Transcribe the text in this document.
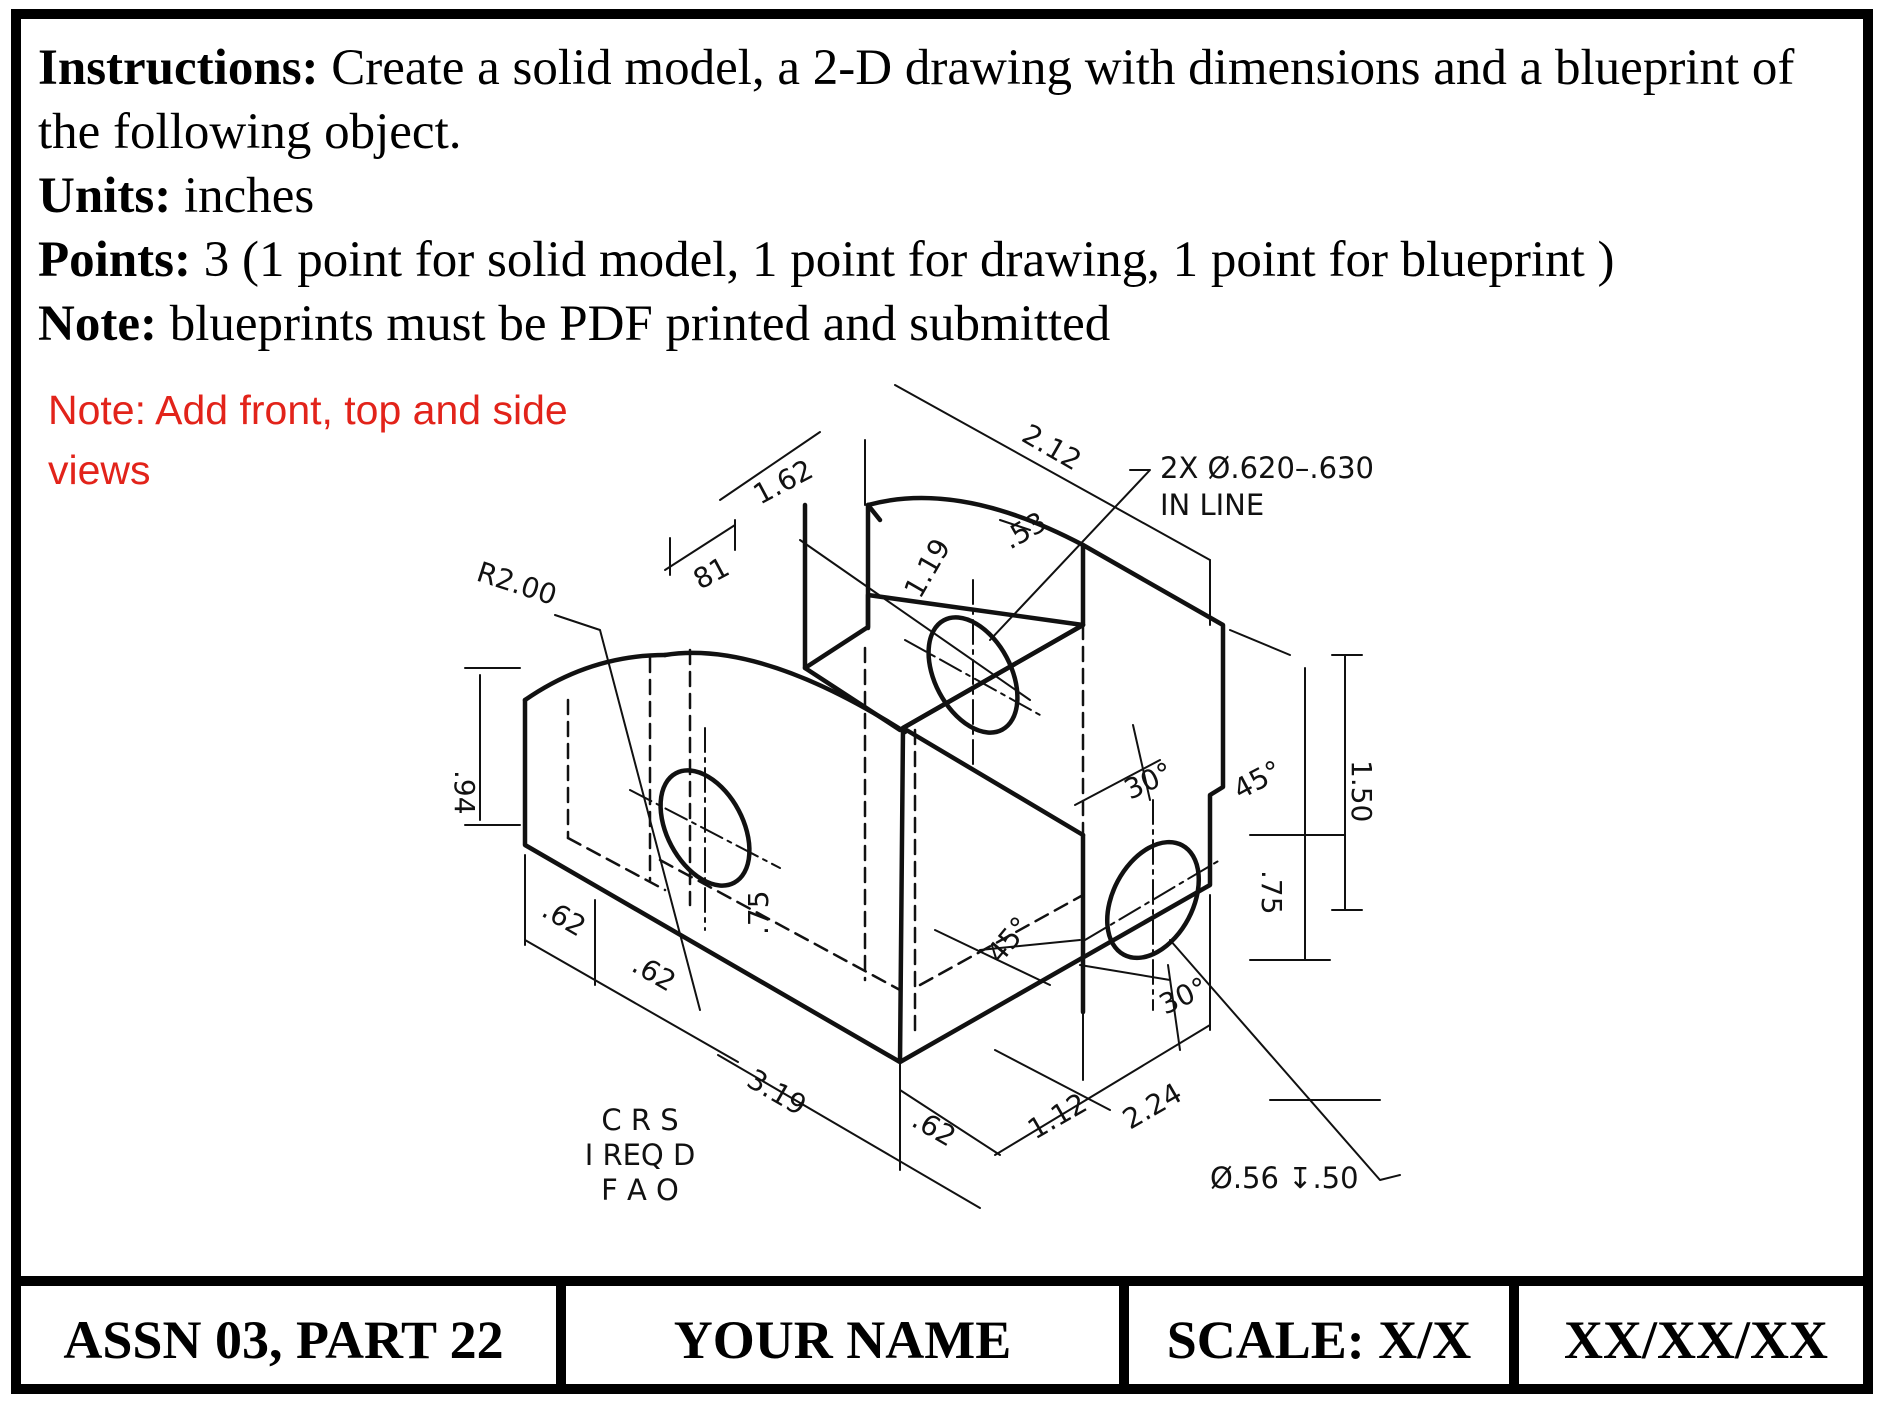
Instructions: Create a solid model, a 2-D drawing with dimensions and a blueprint of the following object.

Units: inches

Points: 3 (1 point for solid model, 1 point for drawing, 1 point for blueprint )

Note: blueprints must be PDF printed and submitted

Note: Add front, top and side views
R2.00
1.62
81
2.12
.53
1.19
.94	1.50
.75
45°
30°
30°
45°
.62
.62
.75
3.19
.62 1.12 2.24
2X Ø.620–.630
IN LINE
Ø.56 ↧.50
C R S
I REQ D
F A O
ASSN 03, PART 22	YOUR NAME	SCALE: X/X	XX/XX/XX
